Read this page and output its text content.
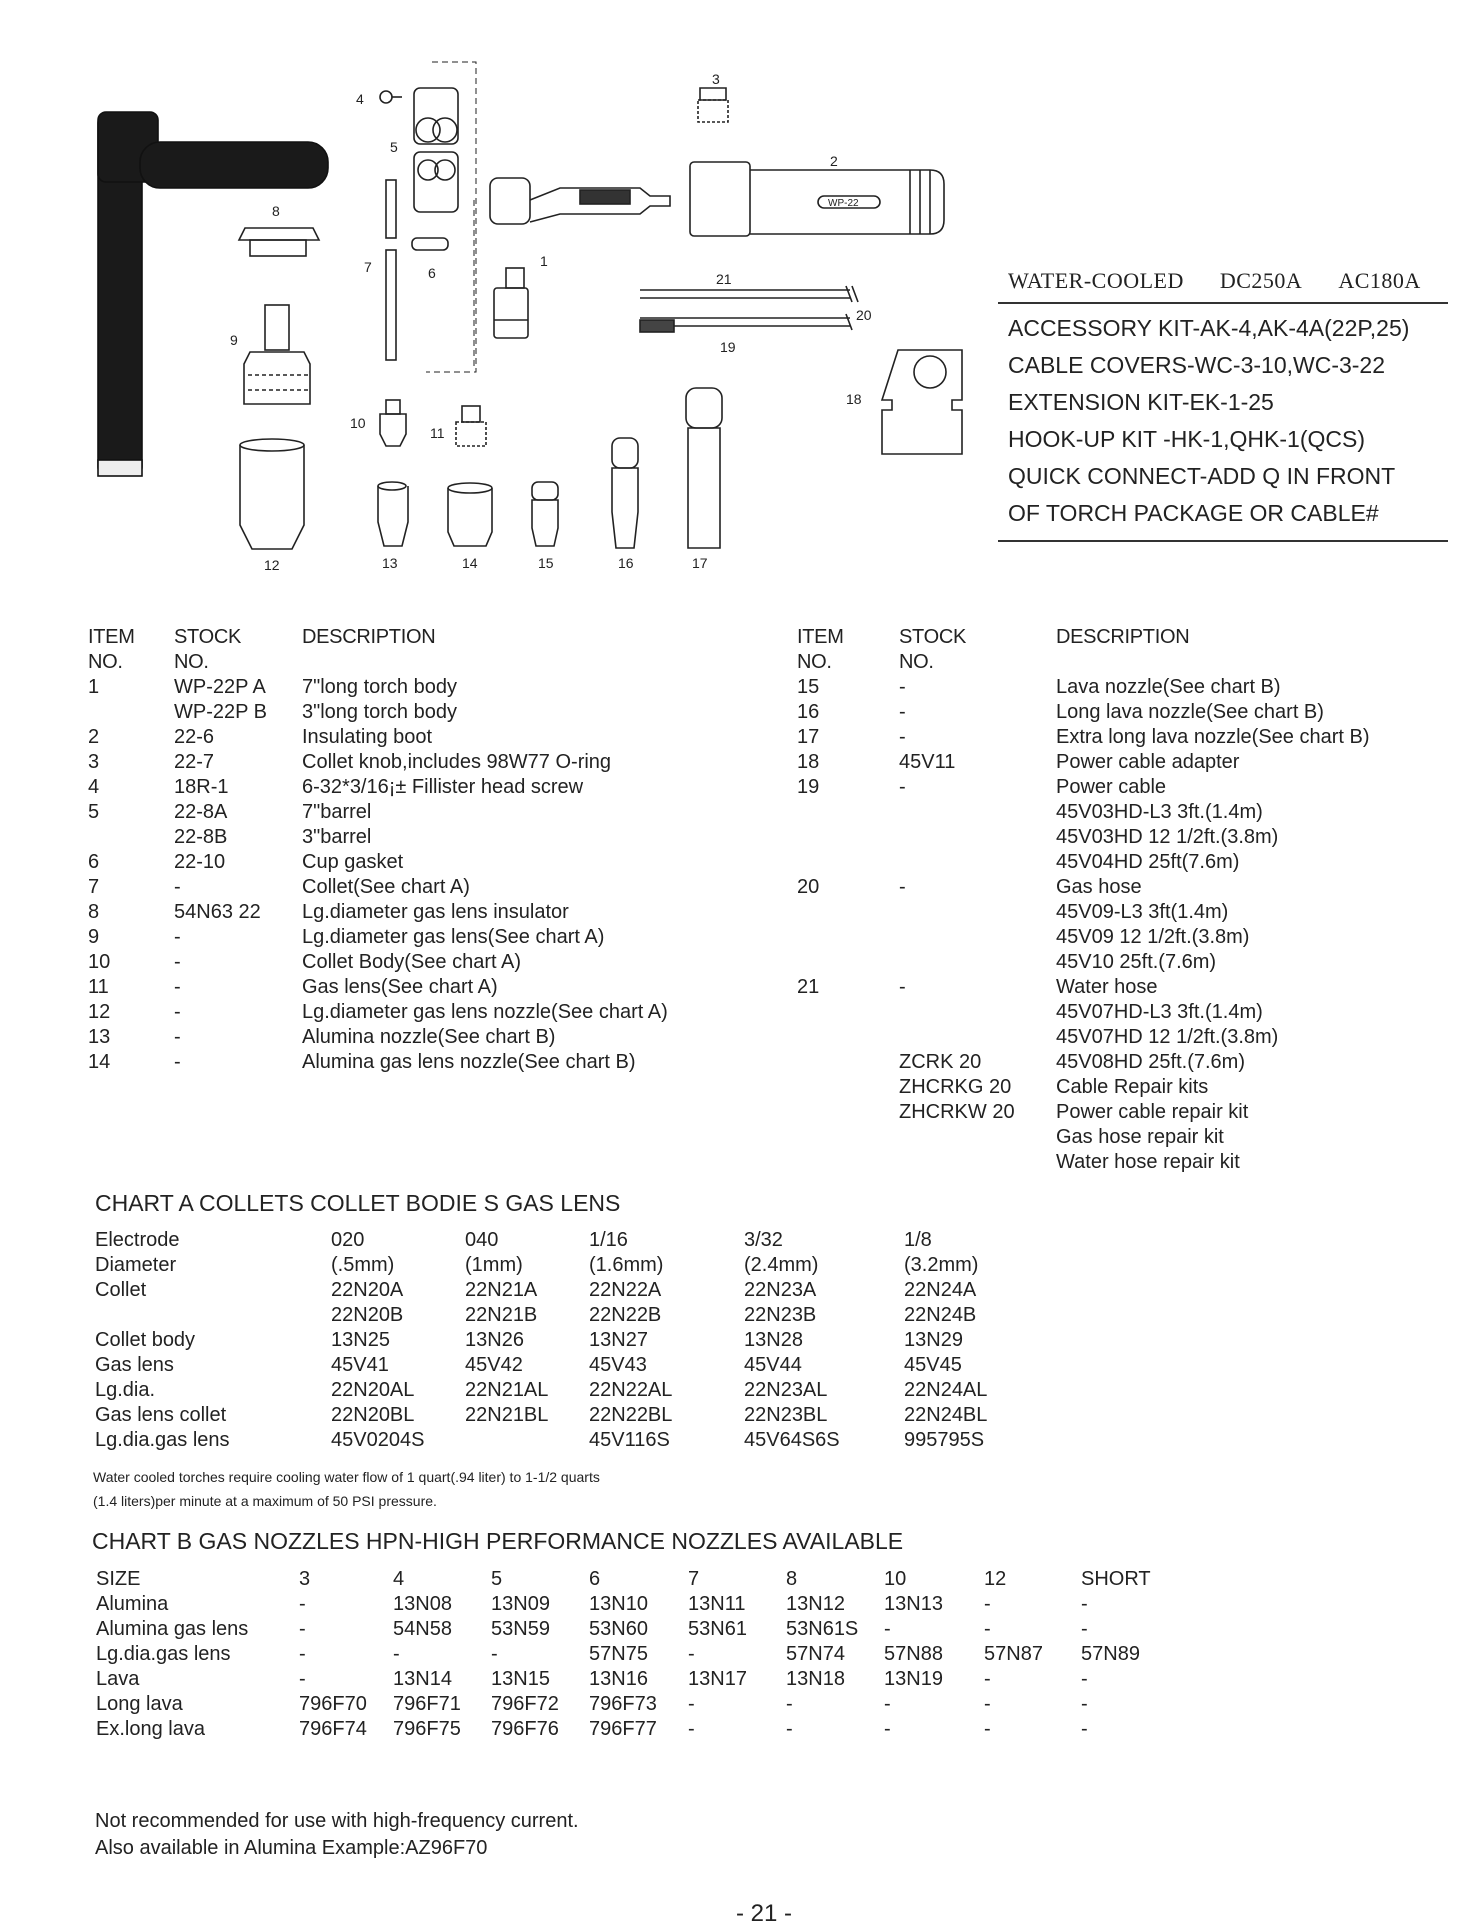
WP-22
1
2
3
4
5
6
7
8
9
10
11
12	13	14	15	16	17
18
19
20
21	WATER-COOLED DC250A AC180A
ACCESSORY KIT-AK-4,AK-4A(22P,25)
CABLE COVERS-WC-3-10,WC-3-22
EXTENSION KIT-EK-1-25
HOOK-UP KIT -HK-1,QHK-1(QCS)
QUICK CONNECT-ADD Q IN FRONT
OF TORCH PACKAGE OR CABLE#
ITEM	STOCK	DESCRIPTION
NO.	NO.	
1	WP-22P A	7"long torch body
	WP-22P B	3"long torch body
2	22-6	Insulating boot
3	22-7	Collet knob,includes 98W77 O-ring
4	18R-1	6-32*3/16¡± Fillister head screw
5	22-8A	7"barrel
	22-8B	3"barrel
6	22-10	Cup gasket
7	-	Collet(See chart A)
8	54N63 22	Lg.diameter gas lens insulator
9	-	Lg.diameter gas lens(See chart A)
10	-	Collet Body(See chart A)
11	-	Gas lens(See chart A)
12	-	Lg.diameter gas lens nozzle(See chart A)
13	-	Alumina nozzle(See chart B)
14	-	Alumina gas lens nozzle(See chart B)
ITEM	STOCK	DESCRIPTION
NO.	NO.	
15	-	Lava nozzle(See chart B)
16	-	Long lava nozzle(See chart B)
17	-	Extra long lava nozzle(See chart B)
18	45V11	Power cable adapter
19	-	Power cable
		45V03HD-L3 3ft.(1.4m)
		45V03HD 12 1/2ft.(3.8m)
		45V04HD 25ft(7.6m)
20	-	Gas hose
		45V09-L3 3ft(1.4m)
		45V09 12 1/2ft.(3.8m)
		45V10 25ft.(7.6m)
21	-	Water hose
		45V07HD-L3 3ft.(1.4m)
		45V07HD 12 1/2ft.(3.8m)
	ZCRK 20	45V08HD 25ft.(7.6m)
	ZHCRKG 20	Cable Repair kits
	ZHCRKW 20	Power cable repair kit
		Gas hose repair kit
		Water hose repair kit
CHART A COLLETS COLLET BODIE S GAS LENS
Electrode	020	040	1/16	3/32	1/8
Diameter	(.5mm)	(1mm)	(1.6mm)	(2.4mm)	(3.2mm)
Collet	22N20A	22N21A	22N22A	22N23A	22N24A
	22N20B	22N21B	22N22B	22N23B	22N24B
Collet body	13N25	13N26	13N27	13N28	13N29
Gas lens	45V41	45V42	45V43	45V44	45V45
Lg.dia.	22N20AL	22N21AL	22N22AL	22N23AL	22N24AL
Gas lens collet	22N20BL	22N21BL	22N22BL	22N23BL	22N24BL
Lg.dia.gas lens	45V0204S		45V116S	45V64S6S	995795S
Water cooled torches require cooling water flow of 1 quart(.94 liter) to 1-1/2 quarts
(1.4 liters)per minute at a maximum of 50 PSI pressure.
CHART B GAS NOZZLES HPN-HIGH PERFORMANCE NOZZLES AVAILABLE
SIZE	3	4	5	6	7	8	10	12	SHORT
Alumina	-	13N08	13N09	13N10	13N11	13N12	13N13	-	-
Alumina gas lens	-	54N58	53N59	53N60	53N61	53N61S	-	-	-
Lg.dia.gas lens	-	-	-	57N75	-	57N74	57N88	57N87	57N89
Lava	-	13N14	13N15	13N16	13N17	13N18	13N19	-	-
Long lava	796F70	796F71	796F72	796F73	-	-	-	-	-
Ex.long lava	796F74	796F75	796F76	796F77	-	-	-	-	-
Not recommended for use with high-frequency current.
Also available in Alumina Example:AZ96F70
- 21 -
